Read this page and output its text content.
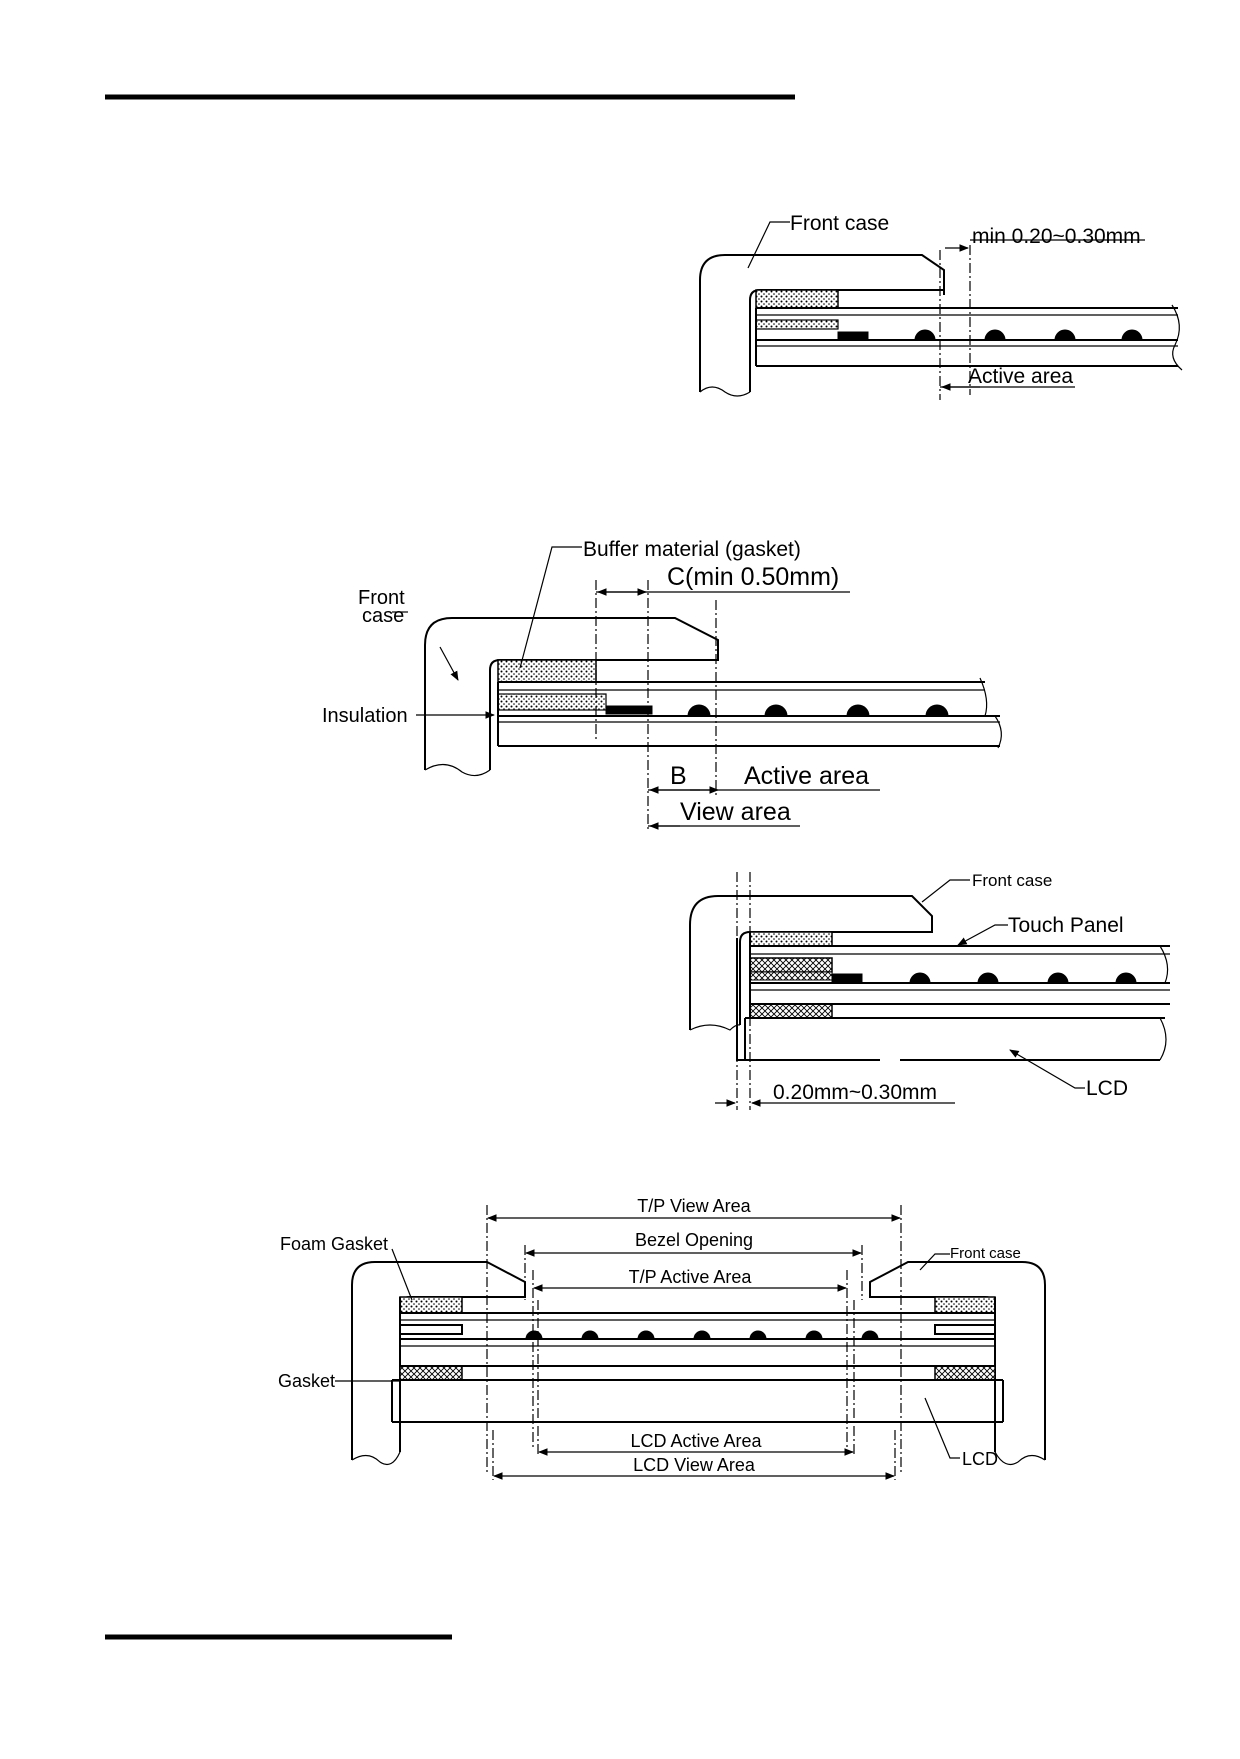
Front case
min 0.20~0.30mm
Active area
Buffer material (gasket)
C(min 0.50mm)
Front
case
Insulation
B Active area
View area
Front case
Touch Panel
LCD
0.20mm~0.30mm
T/P View Area
Bezel Opening
T/P Active Area
Foam Gasket	Front case
Gasket
LCD Active Area
LCD View Area	LCD
